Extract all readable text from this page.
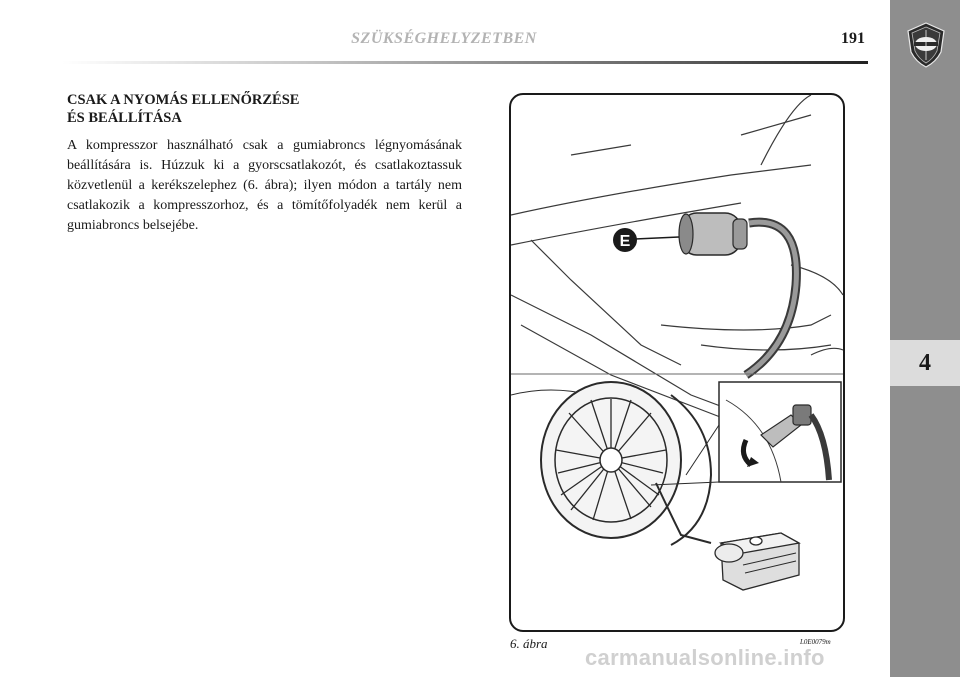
SZÜKSÉGHELYZETBEN	191
4
CSAK A NYOMÁS ELLENŐRZÉSE
ÉS BEÁLLÍTÁSA
A kompresszor használható csak a gumiabroncs légnyomásának beállítására is. Húzzuk ki a gyorscsatlakozót, és csatlakoztassuk közvetlenül a kerékszelephez (6. ábra); ilyen módon a tartály nem csatlakozik a kompresszorhoz, és a tömítőfolyadék nem kerül a gumiabroncs belsejébe.
E
6. ábra	L0E0079m
carmanualsonline.info
